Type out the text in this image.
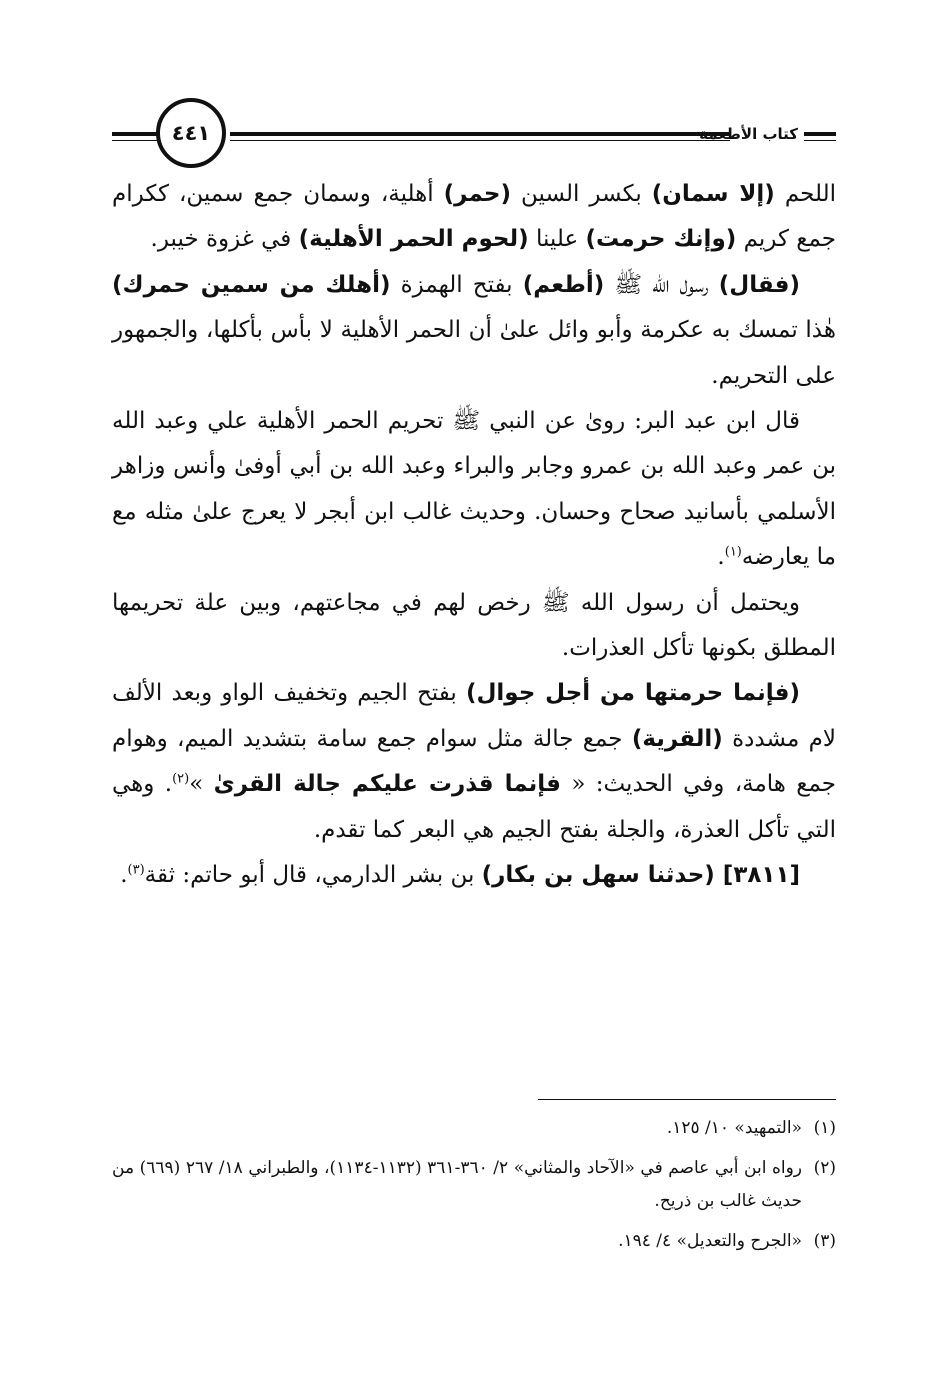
٤٤١	كتاب الأطعمة

اللحم (إلا سمان) بكسر السين (حمر) أهلية، وسمان جمع سمين، ككرام جمع كريم (وإنك حرمت) علينا (لحوم الحمر الأهلية) في غزوة خيبر.

(فقال) رسول الله ﷺ (أطعم) بفتح الهمزة (أهلك من سمين حمرك) هٰذا تمسك به عكرمة وأبو وائل علىٰ أن الحمر الأهلية لا بأس بأكلها، والجمهور على التحريم.

قال ابن عبد البر: روىٰ عن النبي ﷺ تحريم الحمر الأهلية علي وعبد الله بن عمر وعبد الله بن عمرو وجابر والبراء وعبد الله بن أبي أوفىٰ وأنس وزاهر الأسلمي بأسانيد صحاح وحسان. وحديث غالب ابن أبجر لا يعرج علىٰ مثله مع ما يعارضه$^{(١)}$.

ويحتمل أن رسول الله ﷺ رخص لهم في مجاعتهم، وبين علة تحريمها المطلق بكونها تأكل العذرات.

(فإنما حرمتها من أجل جوال) بفتح الجيم وتخفيف الواو وبعد الألف لام مشددة (القرية) جمع جالة مثل سوام جمع سامة بتشديد الميم، وهوام جمع هامة، وفي الحديث: « فإنما قذرت عليكم جالة القرىٰ »$^{(٢)}$. وهي التي تأكل العذرة، والجلة بفتح الجيم هي البعر كما تقدم.

[٣٨١١] (حدثنا سهل بن بكار) بن بشر الدارمي، قال أبو حاتم: ثقة$^{(٣)}$.

(١)
«التمهيد» ١٠/ ١٢٥.
(٢)
رواه ابن أبي عاصم في «الآحاد والمثاني» ٢/ ٣٦٠-٣٦١ (١١٣٢-١١٣٤)، والطبراني ١٨/ ٢٦٧ (٦٦٩) من حديث غالب بن ذريح.
(٣)
«الجرح والتعديل» ٤/ ١٩٤.
